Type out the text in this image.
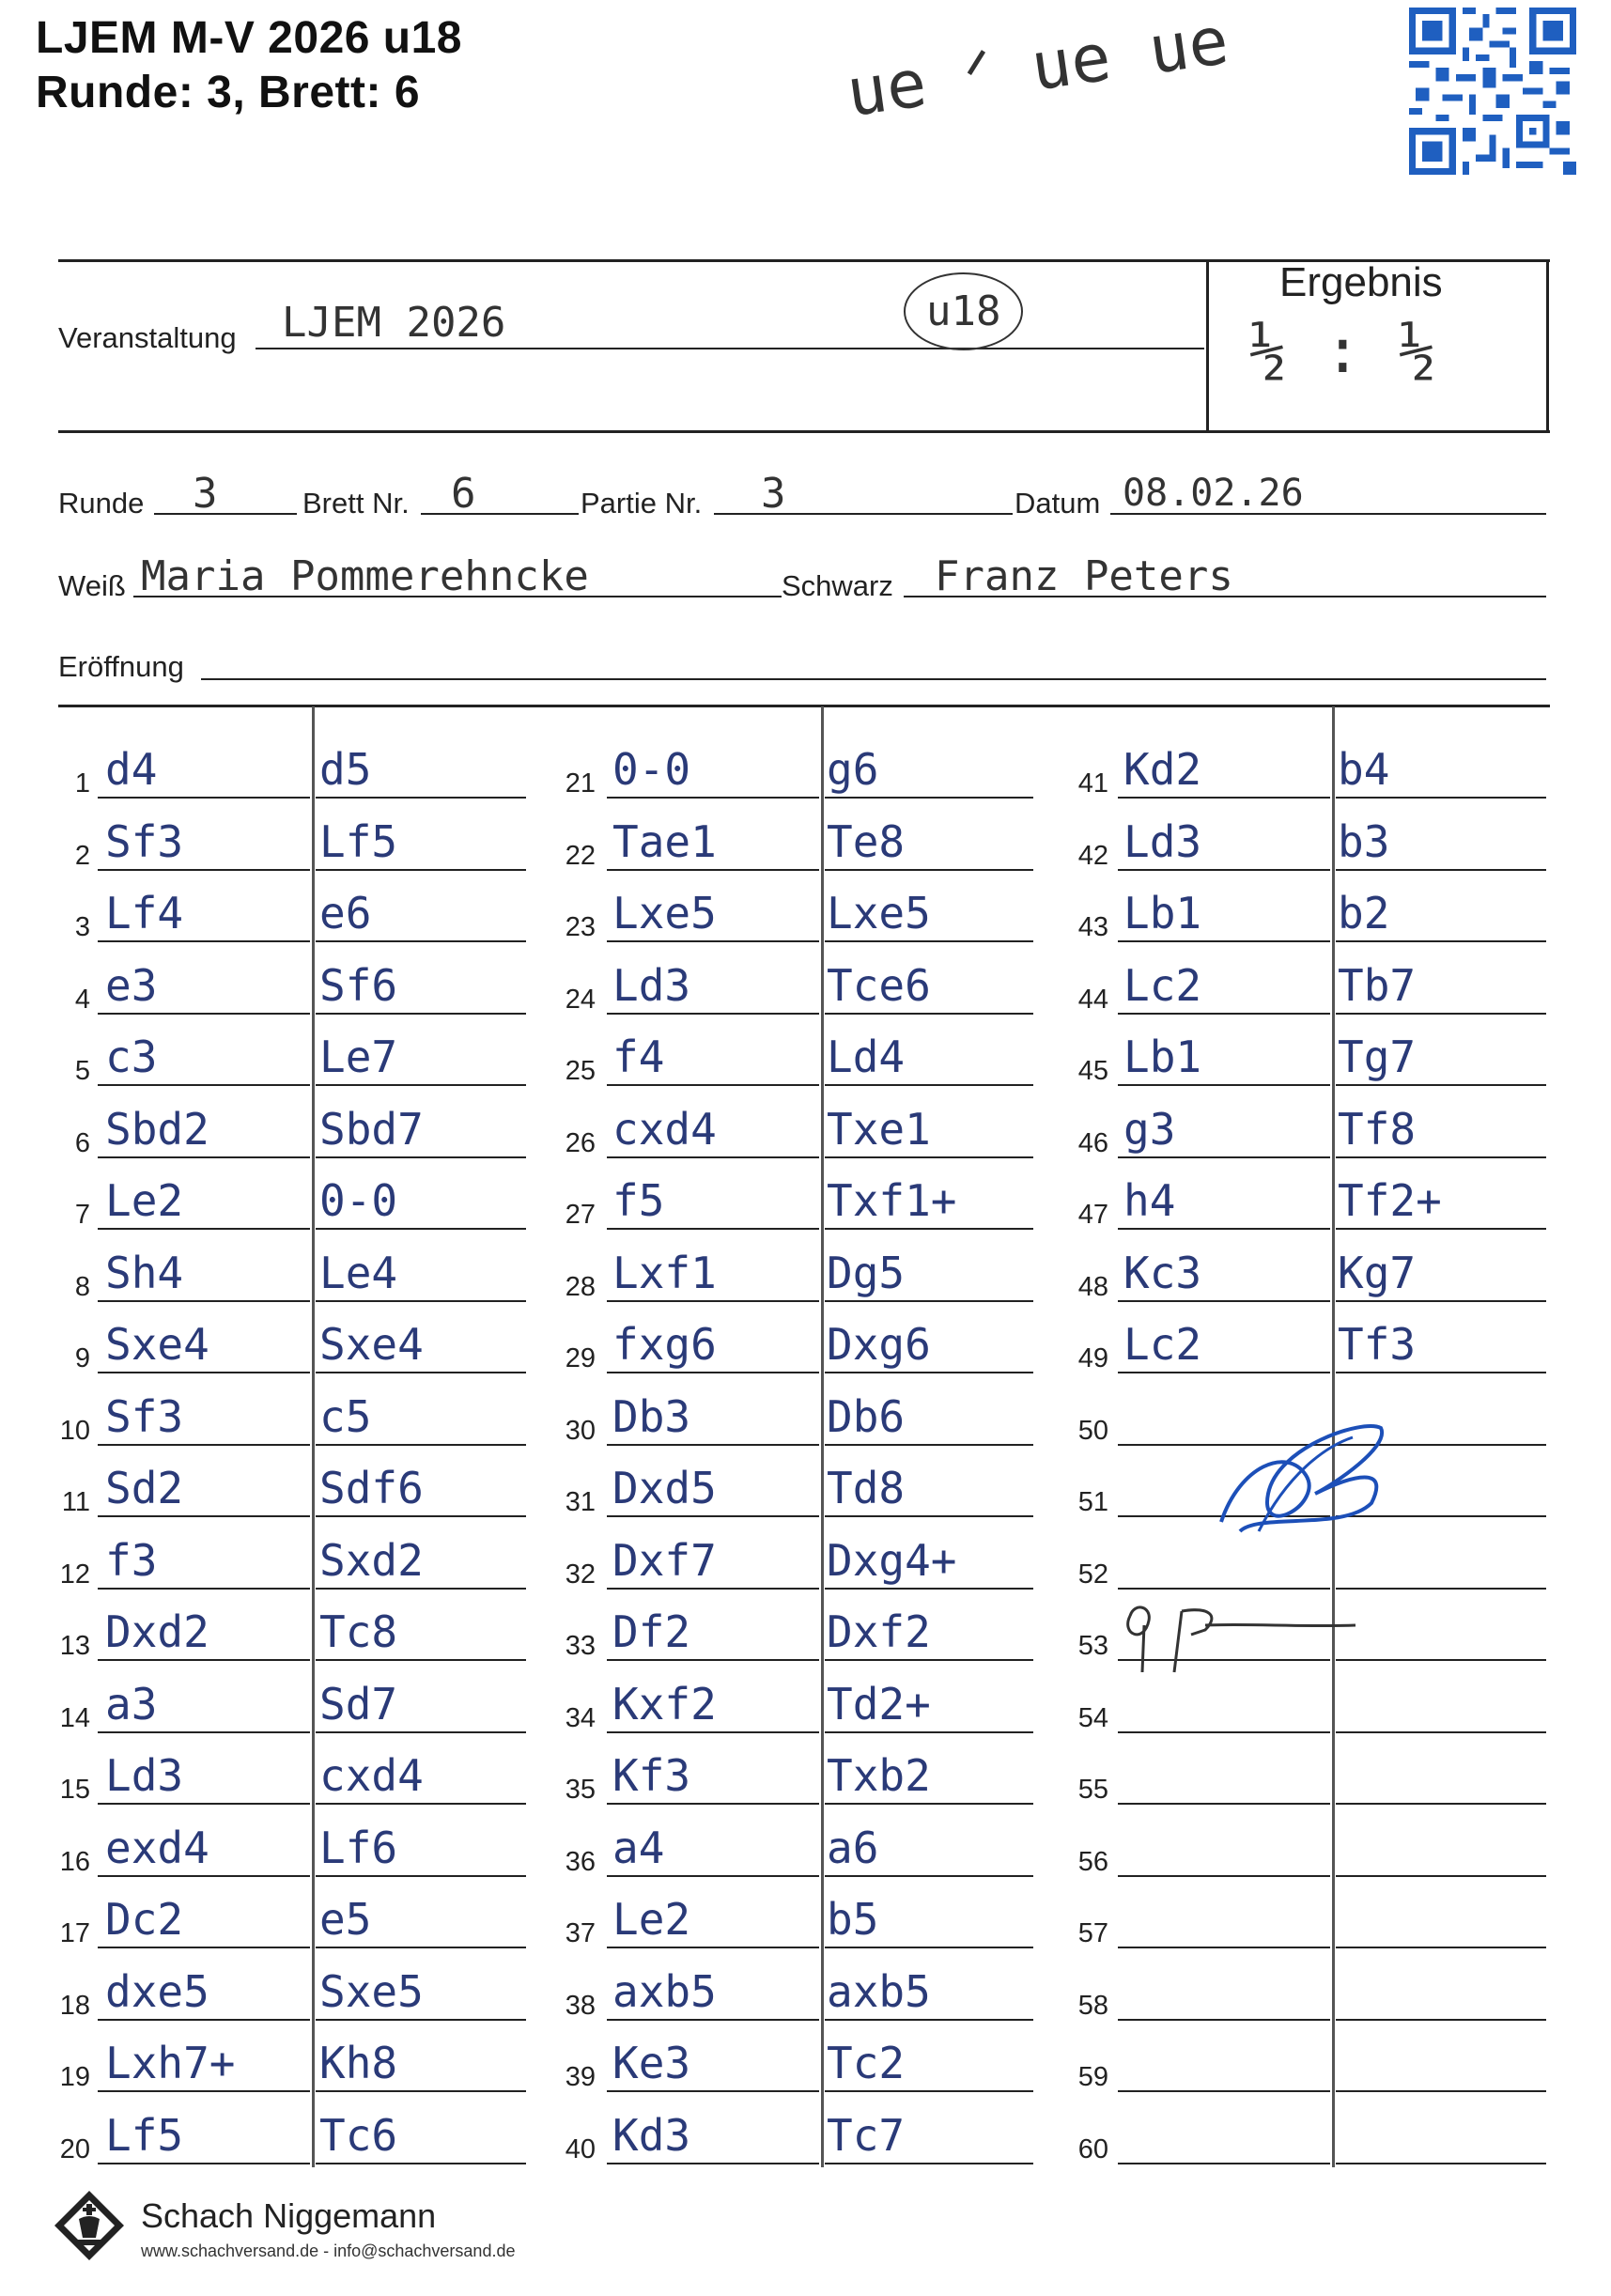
LJEM M-V 2026 u18
Runde: 3, Brett: 6	ue ᐟ ue ue
Ergebnis
½ : ½
Veranstaltung LJEM 2026	u18
Runde 3	Brett Nr. 6	Partie Nr. 3	Datum 08.02.26
Weiß Maria Pommerehncke	Schwarz Franz Peters
Eröffnung
1 d4	d5
2 Sf3	Lf5
3 Lf4	e6
4 e3	Sf6
5 c3	Le7
6 Sbd2	Sbd7
7 Le2	0-0
8 Sh4	Le4
9 Sxe4	Sxe4
10 Sf3	c5
11 Sd2	Sdf6
12 f3	Sxd2
13 Dxd2	Tc8
14 a3	Sd7
15 Ld3	cxd4
16 exd4	Lf6
17 Dc2	e5
18 dxe5	Sxe5
19 Lxh7+ Kh8
20 Lf5	Tc6
21 0-0	g6
22 Tae1	Te8
23 Lxe5	Lxe5
24 Ld3	Tce6
25 f4	Ld4
26 cxd4	Txe1
27 f5	Txf1+
28 Lxf1	Dg5
29 fxg6	Dxg6
30 Db3	Db6
31 Dxd5	Td8
32 Dxf7	Dxg4+
33 Df2	Dxf2
34 Kxf2	Td2+
35 Kf3	Txb2
36 a4	a6
37 Le2	b5
38 axb5	axb5
39 Ke3	Tc2
40 Kd3	Tc7
41 Kd2	b4
42 Ld3	b3
43 Lb1	b2
44 Lc2	Tb7
45 Lb1	Tg7
46 g3	Tf8
47 h4	Tf2+
48 Kc3	Kg7
49 Lc2	Tf3
50
51
52
53
54
55
56
57
58
59
60
Schach Niggemann
www.schachversand.de - info@schachversand.de
